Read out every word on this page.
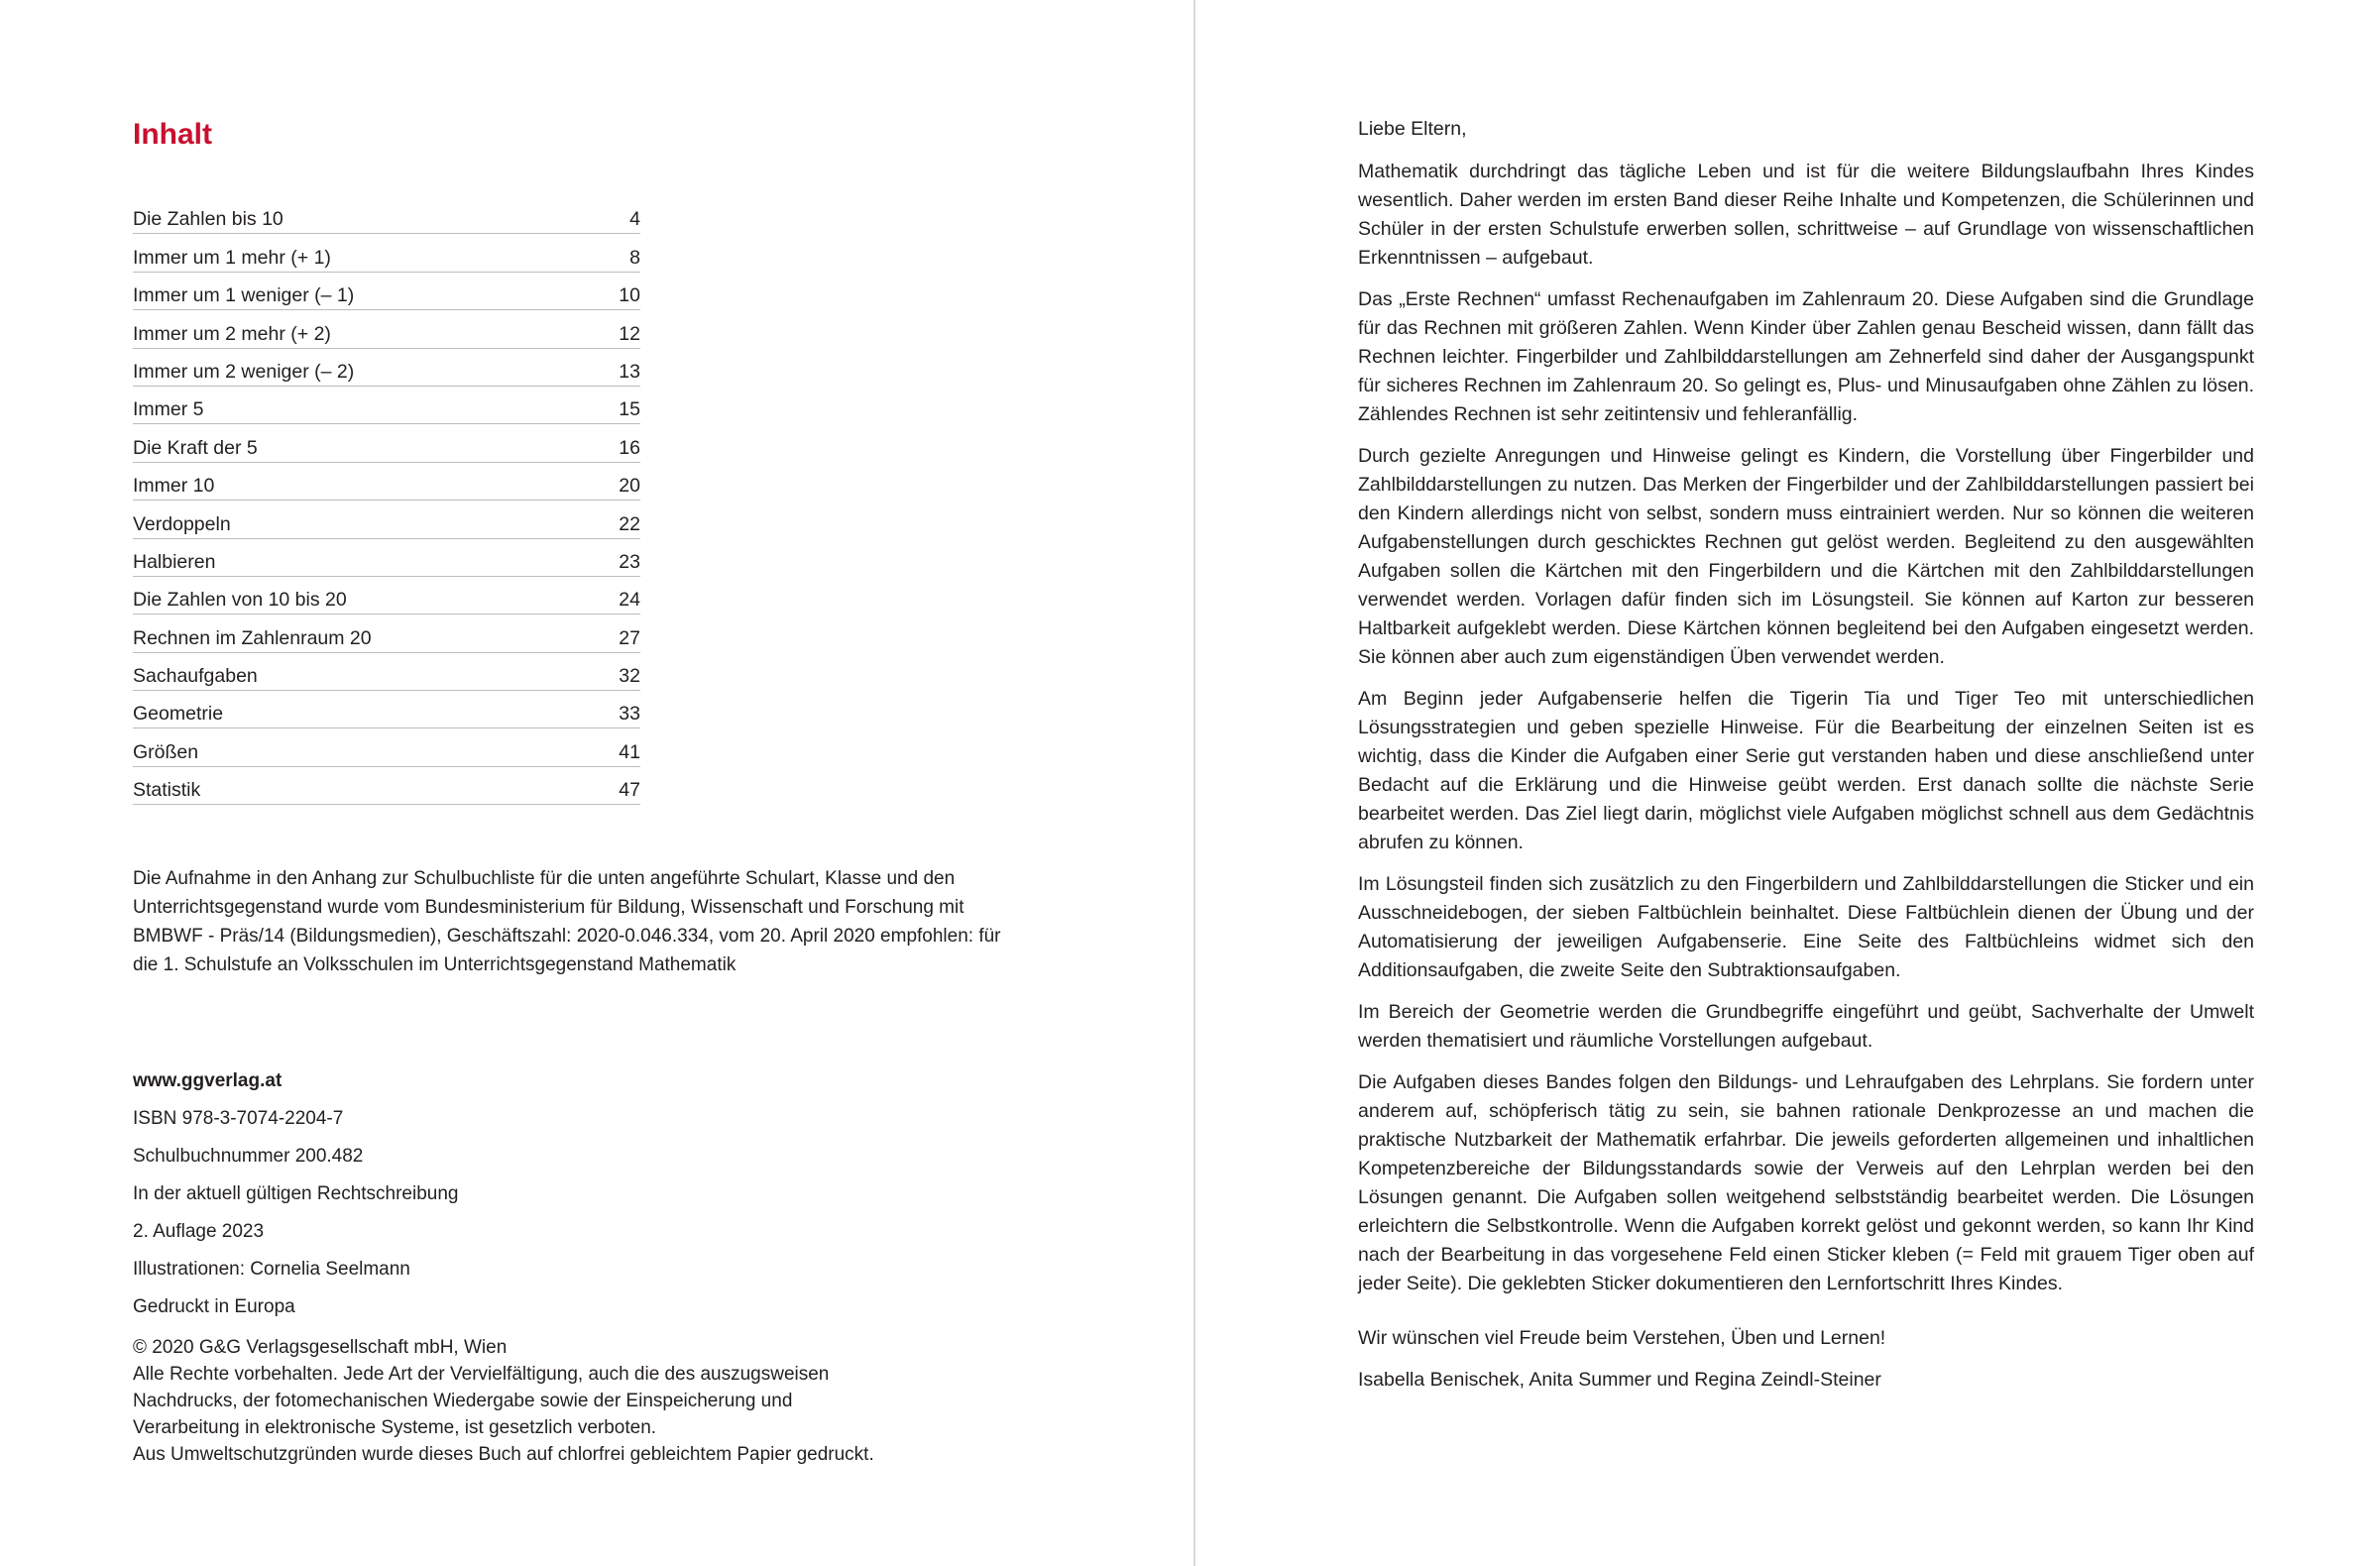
Inhalt
Die Zahlen bis 10	4
Immer um 1 mehr (+ 1)	8
Immer um 1 weniger (– 1)	10
Immer um 2 mehr (+ 2)	12
Immer um 2 weniger (– 2)	13
Immer 5	15
Die Kraft der 5	16
Immer 10	20
Verdoppeln	22
Halbieren	23
Die Zahlen von 10 bis 20	24
Rechnen im Zahlenraum 20	27
Sachaufgaben	32
Geometrie	33
Größen	41
Statistik	47

Die Aufnahme in den Anhang zur Schulbuchliste für die unten angeführte Schulart, Klasse und den Unterrichtsgegenstand wurde vom Bundesministerium für Bildung, Wissenschaft und Forschung mit BMBWF - Präs/14 (Bildungsmedien), Geschäftszahl: 2020-0.046.334, vom 20. April 2020 empfohlen: für die 1. Schulstufe an Volksschulen im Unterrichtsgegenstand Mathematik

www.ggverlag.at
ISBN 978-3-7074-2204-7
Schulbuchnummer 200.482
In der aktuell gültigen Rechtschreibung
2. Auflage 2023
Illustrationen: Cornelia Seelmann
Gedruckt in Europa

© 2020 G&G Verlagsgesellschaft mbH, Wien
Alle Rechte vorbehalten. Jede Art der Vervielfältigung, auch die des auszugsweisen Nachdrucks, der fotomechanischen Wiedergabe sowie der Einspeicherung und Verarbeitung in elektronische Systeme, ist gesetzlich verboten.
Aus Umweltschutzgründen wurde dieses Buch auf chlorfrei gebleichtem Papier gedruckt.

Liebe Eltern,

Mathematik durchdringt das tägliche Leben und ist für die weitere Bildungslaufbahn Ihres Kindes wesentlich. Daher werden im ersten Band dieser Reihe Inhalte und Kompetenzen, die Schülerinnen und Schüler in der ersten Schulstufe erwerben sollen, schrittweise – auf Grundlage von wissenschaftlichen Erkenntnissen – aufgebaut.

Das „Erste Rechnen“ umfasst Rechenaufgaben im Zahlenraum 20. Diese Aufgaben sind die Grundlage für das Rechnen mit größeren Zahlen. Wenn Kinder über Zahlen genau Bescheid wissen, dann fällt das Rechnen leichter. Fingerbilder und Zahlbilddarstellungen am Zehnerfeld sind daher der Ausgangspunkt für sicheres Rechnen im Zahlenraum 20. So gelingt es, Plus- und Minusaufgaben ohne Zählen zu lösen. Zählendes Rechnen ist sehr zeitintensiv und fehleranfällig.

Durch gezielte Anregungen und Hinweise gelingt es Kindern, die Vorstellung über Fingerbilder und Zahlbilddarstellungen zu nutzen. Das Merken der Fingerbilder und der Zahlbilddarstellungen passiert bei den Kindern allerdings nicht von selbst, sondern muss eintrainiert werden. Nur so können die weiteren Aufgabenstellungen durch geschicktes Rechnen gut gelöst werden. Begleitend zu den ausgewählten Aufgaben sollen die Kärtchen mit den Fingerbildern und die Kärtchen mit den Zahlbilddarstellungen verwendet werden. Vorlagen dafür finden sich im Lösungsteil. Sie können auf Karton zur besseren Haltbarkeit aufgeklebt werden. Diese Kärtchen können begleitend bei den Aufgaben eingesetzt werden. Sie können aber auch zum eigenständigen Üben verwendet werden.

Am Beginn jeder Aufgabenserie helfen die Tigerin Tia und Tiger Teo mit unterschiedlichen Lösungsstrategien und geben spezielle Hinweise. Für die Bearbeitung der einzelnen Seiten ist es wichtig, dass die Kinder die Aufgaben einer Serie gut verstanden haben und diese anschließend unter Bedacht auf die Erklärung und die Hinweise geübt werden. Erst danach sollte die nächste Serie bearbeitet werden. Das Ziel liegt darin, möglichst viele Aufgaben möglichst schnell aus dem Gedächtnis abrufen zu können.

Im Lösungsteil finden sich zusätzlich zu den Fingerbildern und Zahlbilddarstellungen die Sticker und ein Ausschneidebogen, der sieben Faltbüchlein beinhaltet. Diese Faltbüchlein dienen der Übung und der Automatisierung der jeweiligen Aufgabenserie. Eine Seite des Faltbüchleins widmet sich den Additionsaufgaben, die zweite Seite den Subtraktionsaufgaben.

Im Bereich der Geometrie werden die Grundbegriffe eingeführt und geübt, Sachverhalte der Umwelt werden thematisiert und räumliche Vorstellungen aufgebaut.

Die Aufgaben dieses Bandes folgen den Bildungs- und Lehraufgaben des Lehrplans. Sie fordern unter anderem auf, schöpferisch tätig zu sein, sie bahnen rationale Denkprozesse an und machen die praktische Nutzbarkeit der Mathematik erfahrbar. Die jeweils geforderten allgemeinen und inhaltlichen Kompetenzbereiche der Bildungsstandards sowie der Verweis auf den Lehrplan werden bei den Lösungen genannt. Die Aufgaben sollen weitgehend selbstständig bearbeitet werden. Die Lösungen erleichtern die Selbstkontrolle. Wenn die Aufgaben korrekt gelöst und gekonnt werden, so kann Ihr Kind nach der Bearbeitung in das vorgesehene Feld einen Sticker kleben (= Feld mit grauem Tiger oben auf jeder Seite). Die geklebten Sticker dokumentieren den Lernfortschritt Ihres Kindes.

Wir wünschen viel Freude beim Verstehen, Üben und Lernen!

Isabella Benischek, Anita Summer und Regina Zeindl-Steiner
